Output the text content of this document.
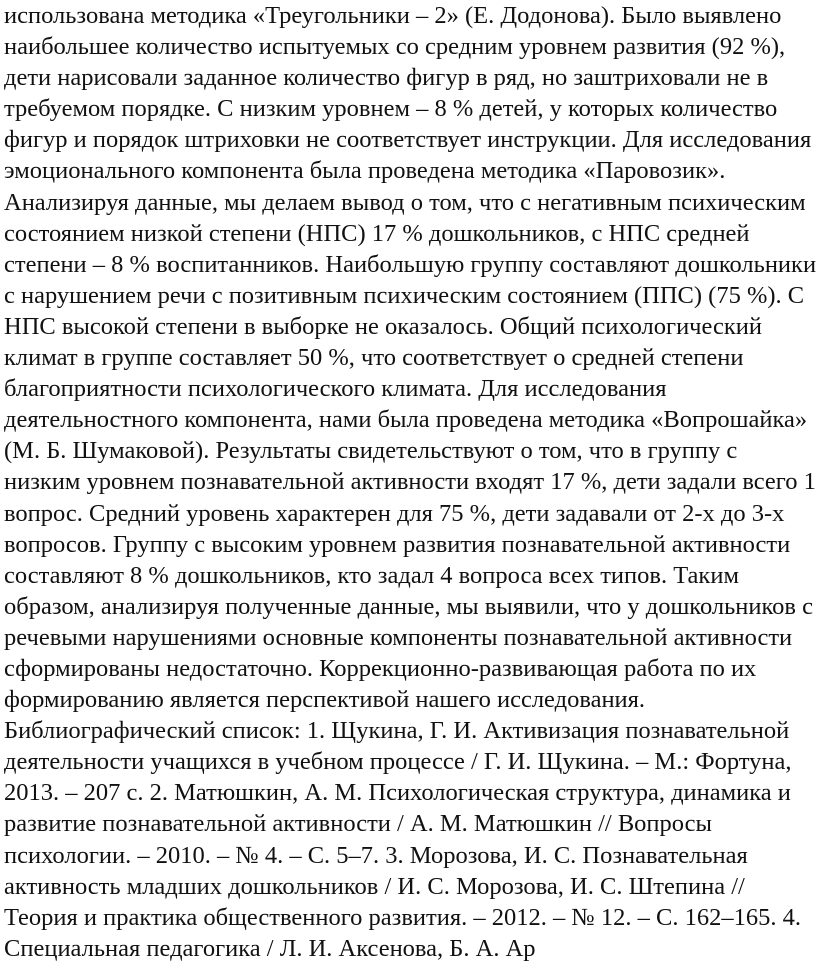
использована методика «Треугольники – 2» (Е. Додонова). Было выявлено
наибольшее количество испытуемых со средним уровнем развития (92 %),
дети нарисовали заданное количество фигур в ряд, но заштриховали не в
требуемом порядке. С низким уровнем – 8 % детей, у которых количество
фигур и порядок штриховки не соответствует инструкции. Для исследования
эмоционального компонента была проведена методика «Паровозик».
Анализируя данные, мы делаем вывод о том, что с негативным психическим
состоянием низкой степени (НПС) 17 % дошкольников, с НПС средней
степени – 8 % воспитанников. Наибольшую группу составляют дошкольники
с нарушением речи с позитивным психическим состоянием (ППС) (75 %). С
НПС высокой степени в выборке не оказалось. Общий психологический
климат в группе составляет 50 %, что соответствует о средней степени
благоприятности психологического климата. Для исследования
деятельностного компонента, нами была проведена методика «Вопрошайка»
(М. Б. Шумаковой). Результаты свидетельствуют о том, что в группу с
низким уровнем познавательной активности входят 17 %, дети задали всего 1
вопрос. Средний уровень характерен для 75 %, дети задавали от 2-х до 3-х
вопросов. Группу с высоким уровнем развития познавательной активности
составляют 8 % дошкольников, кто задал 4 вопроса всех типов. Таким
образом, анализируя полученные данные, мы выявили, что у дошкольников с
речевыми нарушениями основные компоненты познавательной активности
сформированы недостаточно. Коррекционно-развивающая работа по их
формированию является перспективой нашего исследования.
Библиографический список: 1. Щукина, Г. И. Активизация познавательной
деятельности учащихся в учебном процессе / Г. И. Щукина. – М.: Фортуна,
2013. – 207 с. 2. Матюшкин, А. М. Психологическая структура, динамика и
развитие познавательной активности / А. М. Матюшкин // Вопросы
психологии. – 2010. – № 4. – С. 5–7. 3. Морозова, И. С. Познавательная
активность младших дошкольников / И. С. Морозова, И. С. Штепина //
Теория и практика общественного развития. – 2012. – № 12. – С. 162–165. 4.
Специальная педагогика / Л. И. Аксенова, Б. А. Ар
